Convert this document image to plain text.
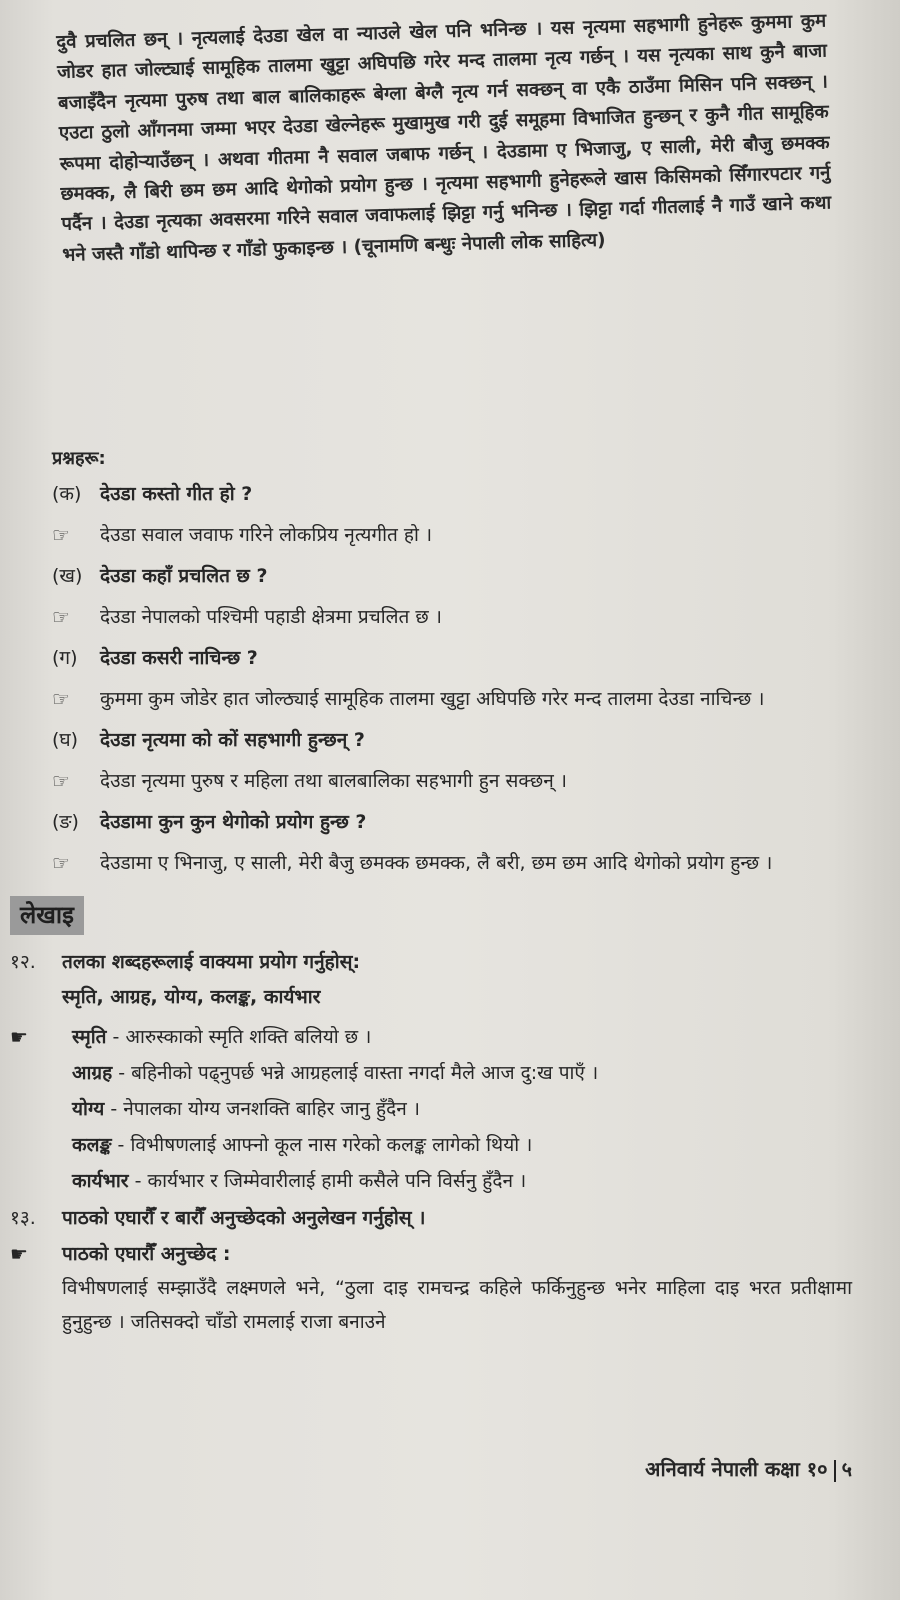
दुवै प्रचलित छन् । नृत्यलाई देउडा खेल वा न्याउले खेल पनि भनिन्छ । यस नृत्यमा सहभागी हुनेहरू कुममा कुम जोडर हात जोल्ट्याई सामूहिक तालमा खुट्टा अघिपछि गरेर मन्द तालमा नृत्य गर्छन् । यस नृत्यका साथ कुनै बाजा बजाइँदैन नृत्यमा पुरुष तथा बाल बालिकाहरू बेग्ला बेग्लै नृत्य गर्न सक्छन् वा एकै ठाउँमा मिसिन पनि सक्छन् । एउटा ठुलो आँगनमा जम्मा भएर देउडा खेल्नेहरू मुखामुख गरी दुई समूहमा विभाजित हुन्छन् र कुनै गीत सामूहिक रूपमा दोहोऱ्याउँछन् । अथवा गीतमा नै सवाल जबाफ गर्छन् । देउडामा ए भिजाजु, ए साली, मेरी बौजु छमक्क छमक्क, लै बिरी छम छम आदि थेगोको प्रयोग हुन्छ । नृत्यमा सहभागी हुनेहरूले खास किसिमको सिँगारपटार गर्नु पर्दैन । देउडा नृत्यका अवसरमा गरिने सवाल जवाफलाई झिट्टा गर्नु भनिन्छ । झिट्टा गर्दा गीतलाई नै गाउँ खाने कथा भने जस्तै गाँडो थापिन्छ र गाँडो फुकाइन्छ । (चूनामणि बन्धुः नेपाली लोक साहित्य)
प्रश्नहरू:
(क) देउडा कस्तो गीत हो ?
☞	देउडा सवाल जवाफ गरिने लोकप्रिय नृत्यगीत हो ।
(ख) देउडा कहाँ प्रचलित छ ?
☞	देउडा नेपालको पश्चिमी पहाडी क्षेत्रमा प्रचलित छ ।
(ग)	देउडा कसरी नाचिन्छ ?
☞	कुममा कुम जोडेर हात जोल्ठ्याई सामूहिक तालमा खुट्टा अघिपछि गरेर मन्द तालमा देउडा नाचिन्छ ।
(घ)	देउडा नृत्यमा को कों सहभागी हुन्छन् ?
☞	देउडा नृत्यमा पुरुष र महिला तथा बालबालिका सहभागी हुन सक्छन् ।
(ङ)	देउडामा कुन कुन थेगोको प्रयोग हुन्छ ?
☞	देउडामा ए भिनाजु, ए साली, मेरी बैजु छमक्क छमक्क, लै बरी, छम छम आदि थेगोको प्रयोग हुन्छ ।
लेखाइ
१२.	तलका शब्दहरूलाई वाक्यमा प्रयोग गर्नुहोस्:
स्मृति, आग्रह, योग्य, कलङ्क, कार्यभार
☛	स्मृति - आरुस्काको स्मृति शक्ति बलियो छ ।
आग्रह - बहिनीको पढ्नुपर्छ भन्ने आग्रहलाई वास्ता नगर्दा मैले आज दु:ख पाएँ ।
योग्य - नेपालका योग्य जनशक्ति बाहिर जानु हुँदैन ।
कलङ्क - विभीषणलाई आफ्नो कूल नास गरेको कलङ्क लागेको थियो ।
कार्यभार - कार्यभार र जिम्मेवारीलाई हामी कसैले पनि विर्सनु हुँदैन ।
१३.	पाठको एघारौँ र बारौँ अनुच्छेदको अनुलेखन गर्नुहोस् ।
☛	पाठको एघारौँ अनुच्छेद :
विभीषणलाई सम्झाउँदै लक्ष्मणले भने, “ठुला दाइ रामचन्द्र कहिले फर्किनुहुन्छ भनेर माहिला दाइ भरत प्रतीक्षामा हुनुहुन्छ । जतिसक्दो चाँडो रामलाई राजा बनाउने
अनिवार्य नेपाली कक्षा १० ५
